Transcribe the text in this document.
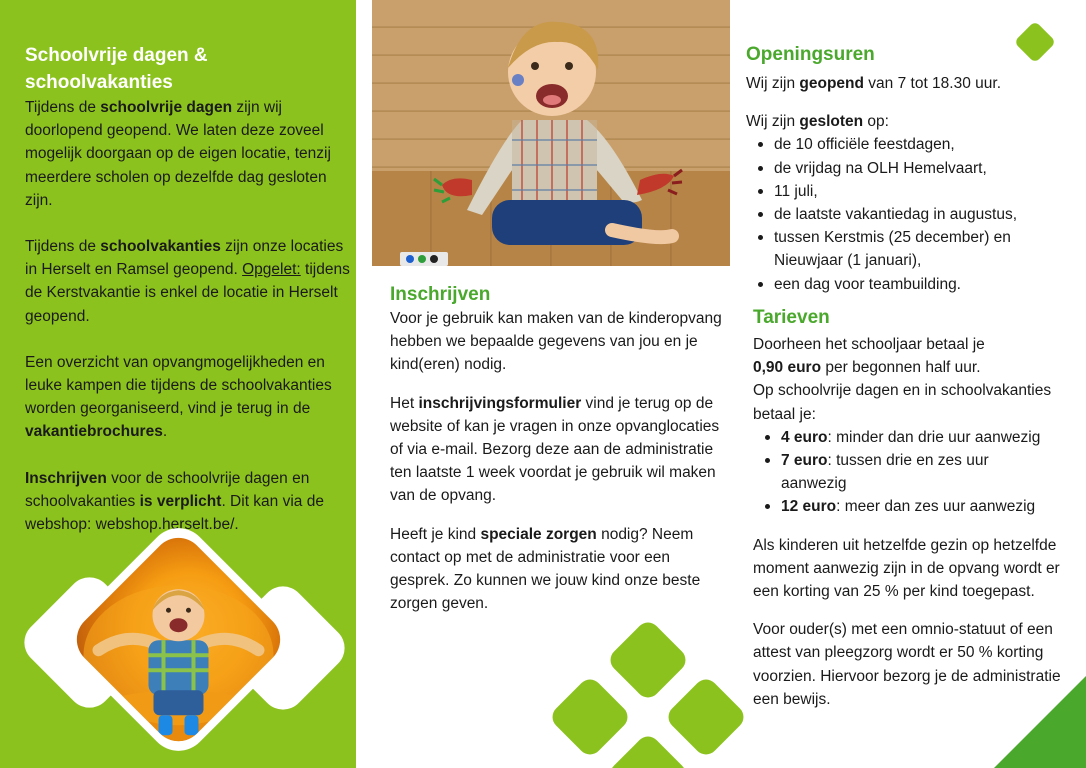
Schoolvrije dagen &
schoolvakanties

Tijdens de schoolvrije dagen zijn wij doorlopend geopend. We laten deze zoveel mogelijk doorgaan op de eigen locatie, tenzij meerdere scholen op dezelfde dag gesloten zijn.

Tijdens de schoolvakanties zijn onze locaties in Herselt en Ramsel geopend. Opgelet: tijdens de Kerstvakantie is enkel de locatie in Herselt geopend.

Een overzicht van opvangmogelijkheden en leuke kampen die tijdens de schoolvakanties worden georganiseerd, vind je terug in de vakantiebrochures.

Inschrijven voor de schoolvrije dagen en schoolvakanties is verplicht. Dit kan via de webshop: webshop.herselt.be/.

Inschrijven

Voor je gebruik kan maken van de kinderopvang hebben we bepaalde gegevens van jou en je kind(eren) nodig.

Het inschrijvingsformulier vind je terug op de website of kan je vragen in onze opvanglocaties of via e-mail. Bezorg deze aan de administratie ten laatste 1 week voordat je gebruik wil maken van de opvang.

Heeft je kind speciale zorgen nodig? Neem contact op met de administratie voor een gesprek. Zo kunnen we jouw kind onze beste zorgen geven.

Openingsuren

Wij zijn geopend van 7 tot 18.30 uur.

Wij zijn gesloten op:

de 10 officiële feestdagen,
de vrijdag na OLH Hemelvaart,
11 juli,
de laatste vakantiedag in augustus,
tussen Kerstmis (25 december) en Nieuwjaar (1 januari),
een dag voor teambuilding.
Tarieven

Doorheen het schooljaar betaal je 0,90 euro per begonnen half uur.

Op schoolvrije dagen en in schoolvakanties betaal je:

4 euro: minder dan drie uur aanwezig
7 euro: tussen drie en zes uur aanwezig
12 euro: meer dan zes uur aanwezig

Als kinderen uit hetzelfde gezin op hetzelfde moment aanwezig zijn in de opvang wordt er een korting van 25 % per kind toegepast.

Voor ouder(s) met een omnio-statuut of een attest van pleegzorg wordt er 50 % korting voorzien. Hiervoor bezorg je de administratie een bewijs.
